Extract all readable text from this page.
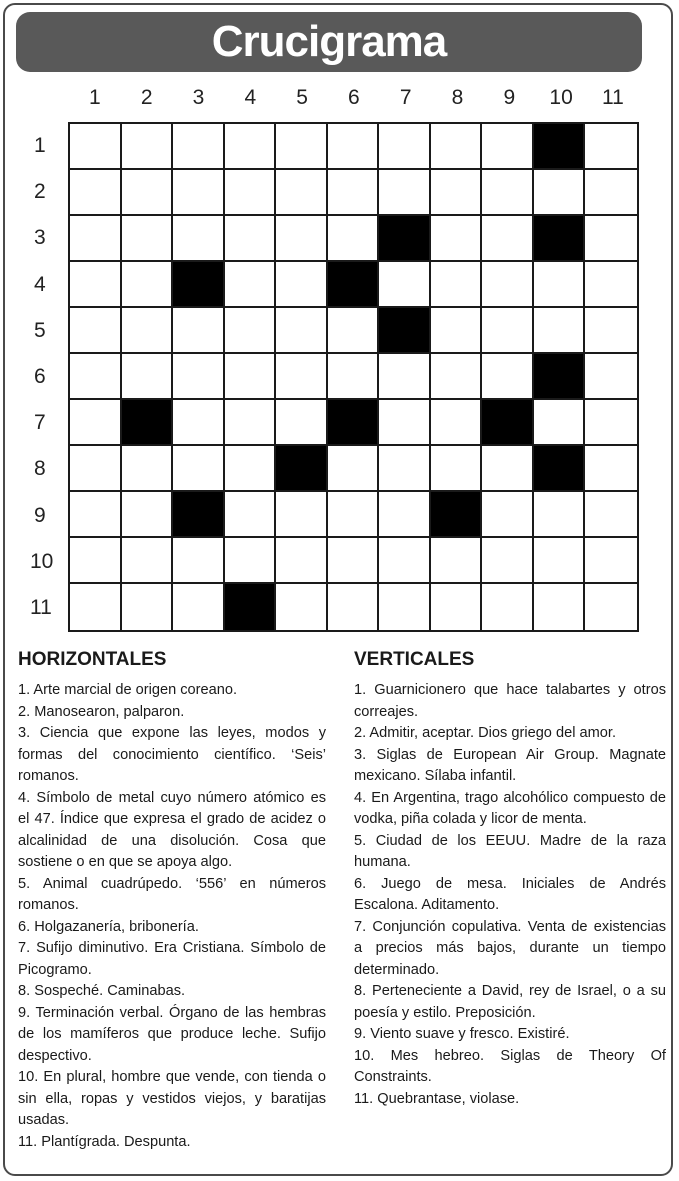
Crucigrama
1	2	3	4	5	6	7	8	9	10	11
1
2
3
4
5
6
7
8
9
10
11
HORIZONTALES

1. Arte marcial de origen coreano.

2. Manosearon, palparon.

3. Ciencia que expone las leyes, modos y formas del conocimiento científico. ‘Seis’ romanos.

4. Símbolo de metal cuyo número atómico es el 47. Índice que expresa el grado de acidez o alcalinidad de una disolución. Cosa que sostiene o en que se apoya algo.

5. Animal cuadrúpedo. ‘556’ en números romanos.

6. Holgazanería, bribonería.

7. Sufijo diminutivo. Era Cristiana. Símbolo de Picogramo.

8. Sospeché. Caminabas.

9. Terminación verbal. Órgano de las hembras de los mamíferos que produce leche. Sufijo despectivo.

10. En plural, hombre que vende, con tienda o sin ella, ropas y vestidos viejos, y baratijas usadas.

11. Plantígrada. Despunta.

VERTICALES

1. Guarnicionero que hace talabartes y otros correajes.

2. Admitir, aceptar. Dios griego del amor.

3. Siglas de European Air Group. Magnate mexicano. Sílaba infantil.

4. En Argentina, trago alcohólico compuesto de vodka, piña colada y licor de menta.

5. Ciudad de los EEUU. Madre de la raza humana.

6. Juego de mesa. Iniciales de Andrés Escalona. Aditamento.

7. Conjunción copulativa. Venta de existencias a precios más bajos, durante un tiempo determinado.

8. Perteneciente a David, rey de Israel, o a su poesía y estilo. Preposición.

9. Viento suave y fresco. Existiré.

10. Mes hebreo. Siglas de Theory Of Constraints.

11. Quebrantase, violase.
